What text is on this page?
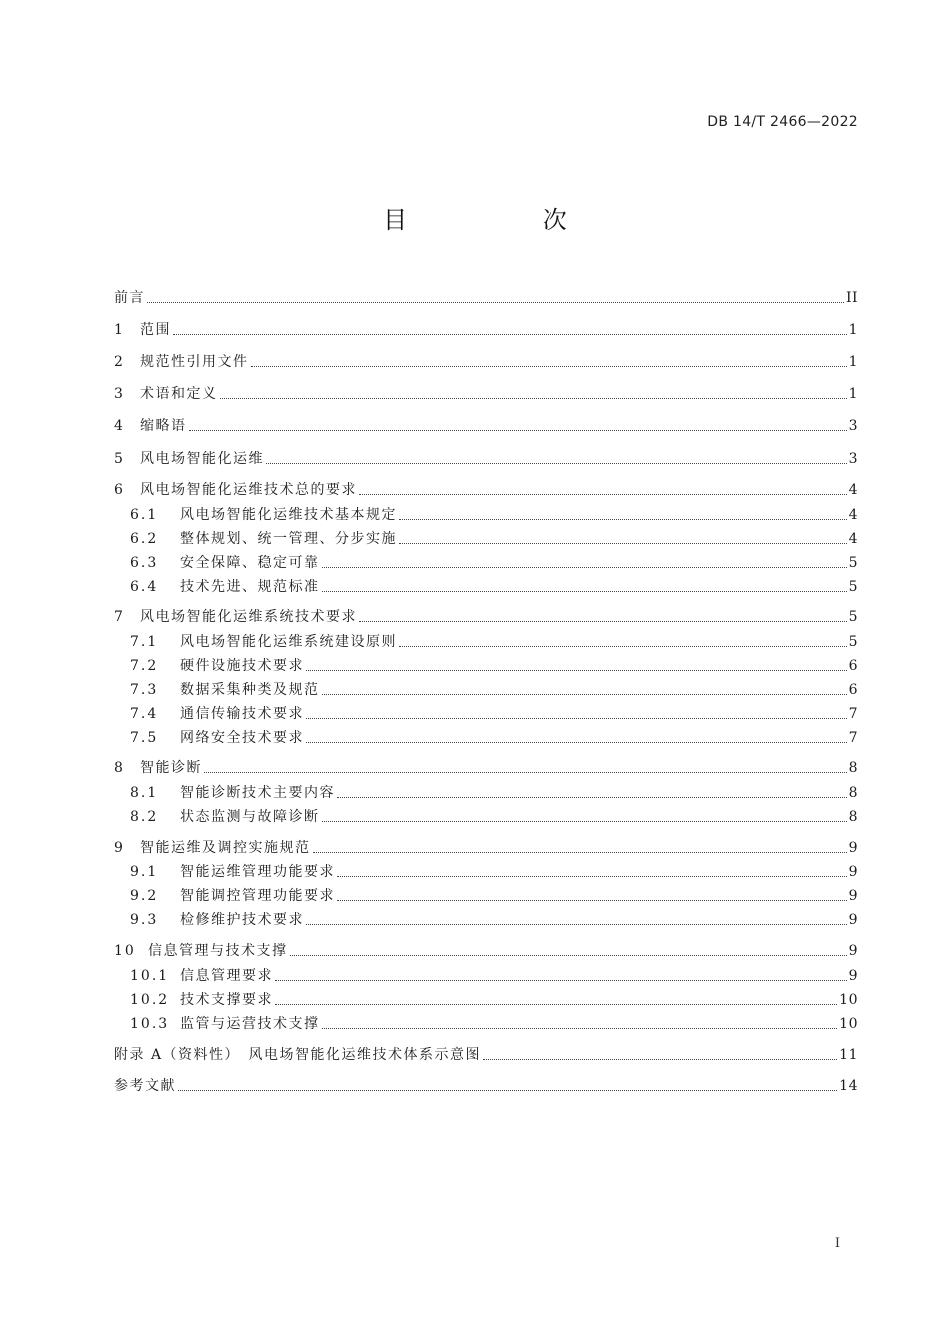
DB 14/T 2466—2022
目 次
前言	II
1	范围	1
2	规范性引用文件	1
3	术语和定义	1
4	缩略语	3
5	风电场智能化运维	3
6	风电场智能化运维技术总的要求	4
6.1	风电场智能化运维技术基本规定	4
6.2	整体规划、统一管理、分步实施	4
6.3	安全保障、稳定可靠	5
6.4	技术先进、规范标准	5
7	风电场智能化运维系统技术要求	5
7.1	风电场智能化运维系统建设原则	5
7.2	硬件设施技术要求	6
7.3	数据采集种类及规范	6
7.4	通信传输技术要求	7
7.5	网络安全技术要求	7
8	智能诊断	8
8.1	智能诊断技术主要内容	8
8.2	状态监测与故障诊断	8
9	智能运维及调控实施规范	9
9.1	智能运维管理功能要求	9
9.2	智能调控管理功能要求	9
9.3	检修维护技术要求	9
10 信息管理与技术支撑	9
10.1 信息管理要求	9
10.2 技术支撑要求	10
10.3 监管与运营技术支撑	10
附录 A（资料性）　风电场智能化运维技术体系示意图	11
参考文献	14
I
